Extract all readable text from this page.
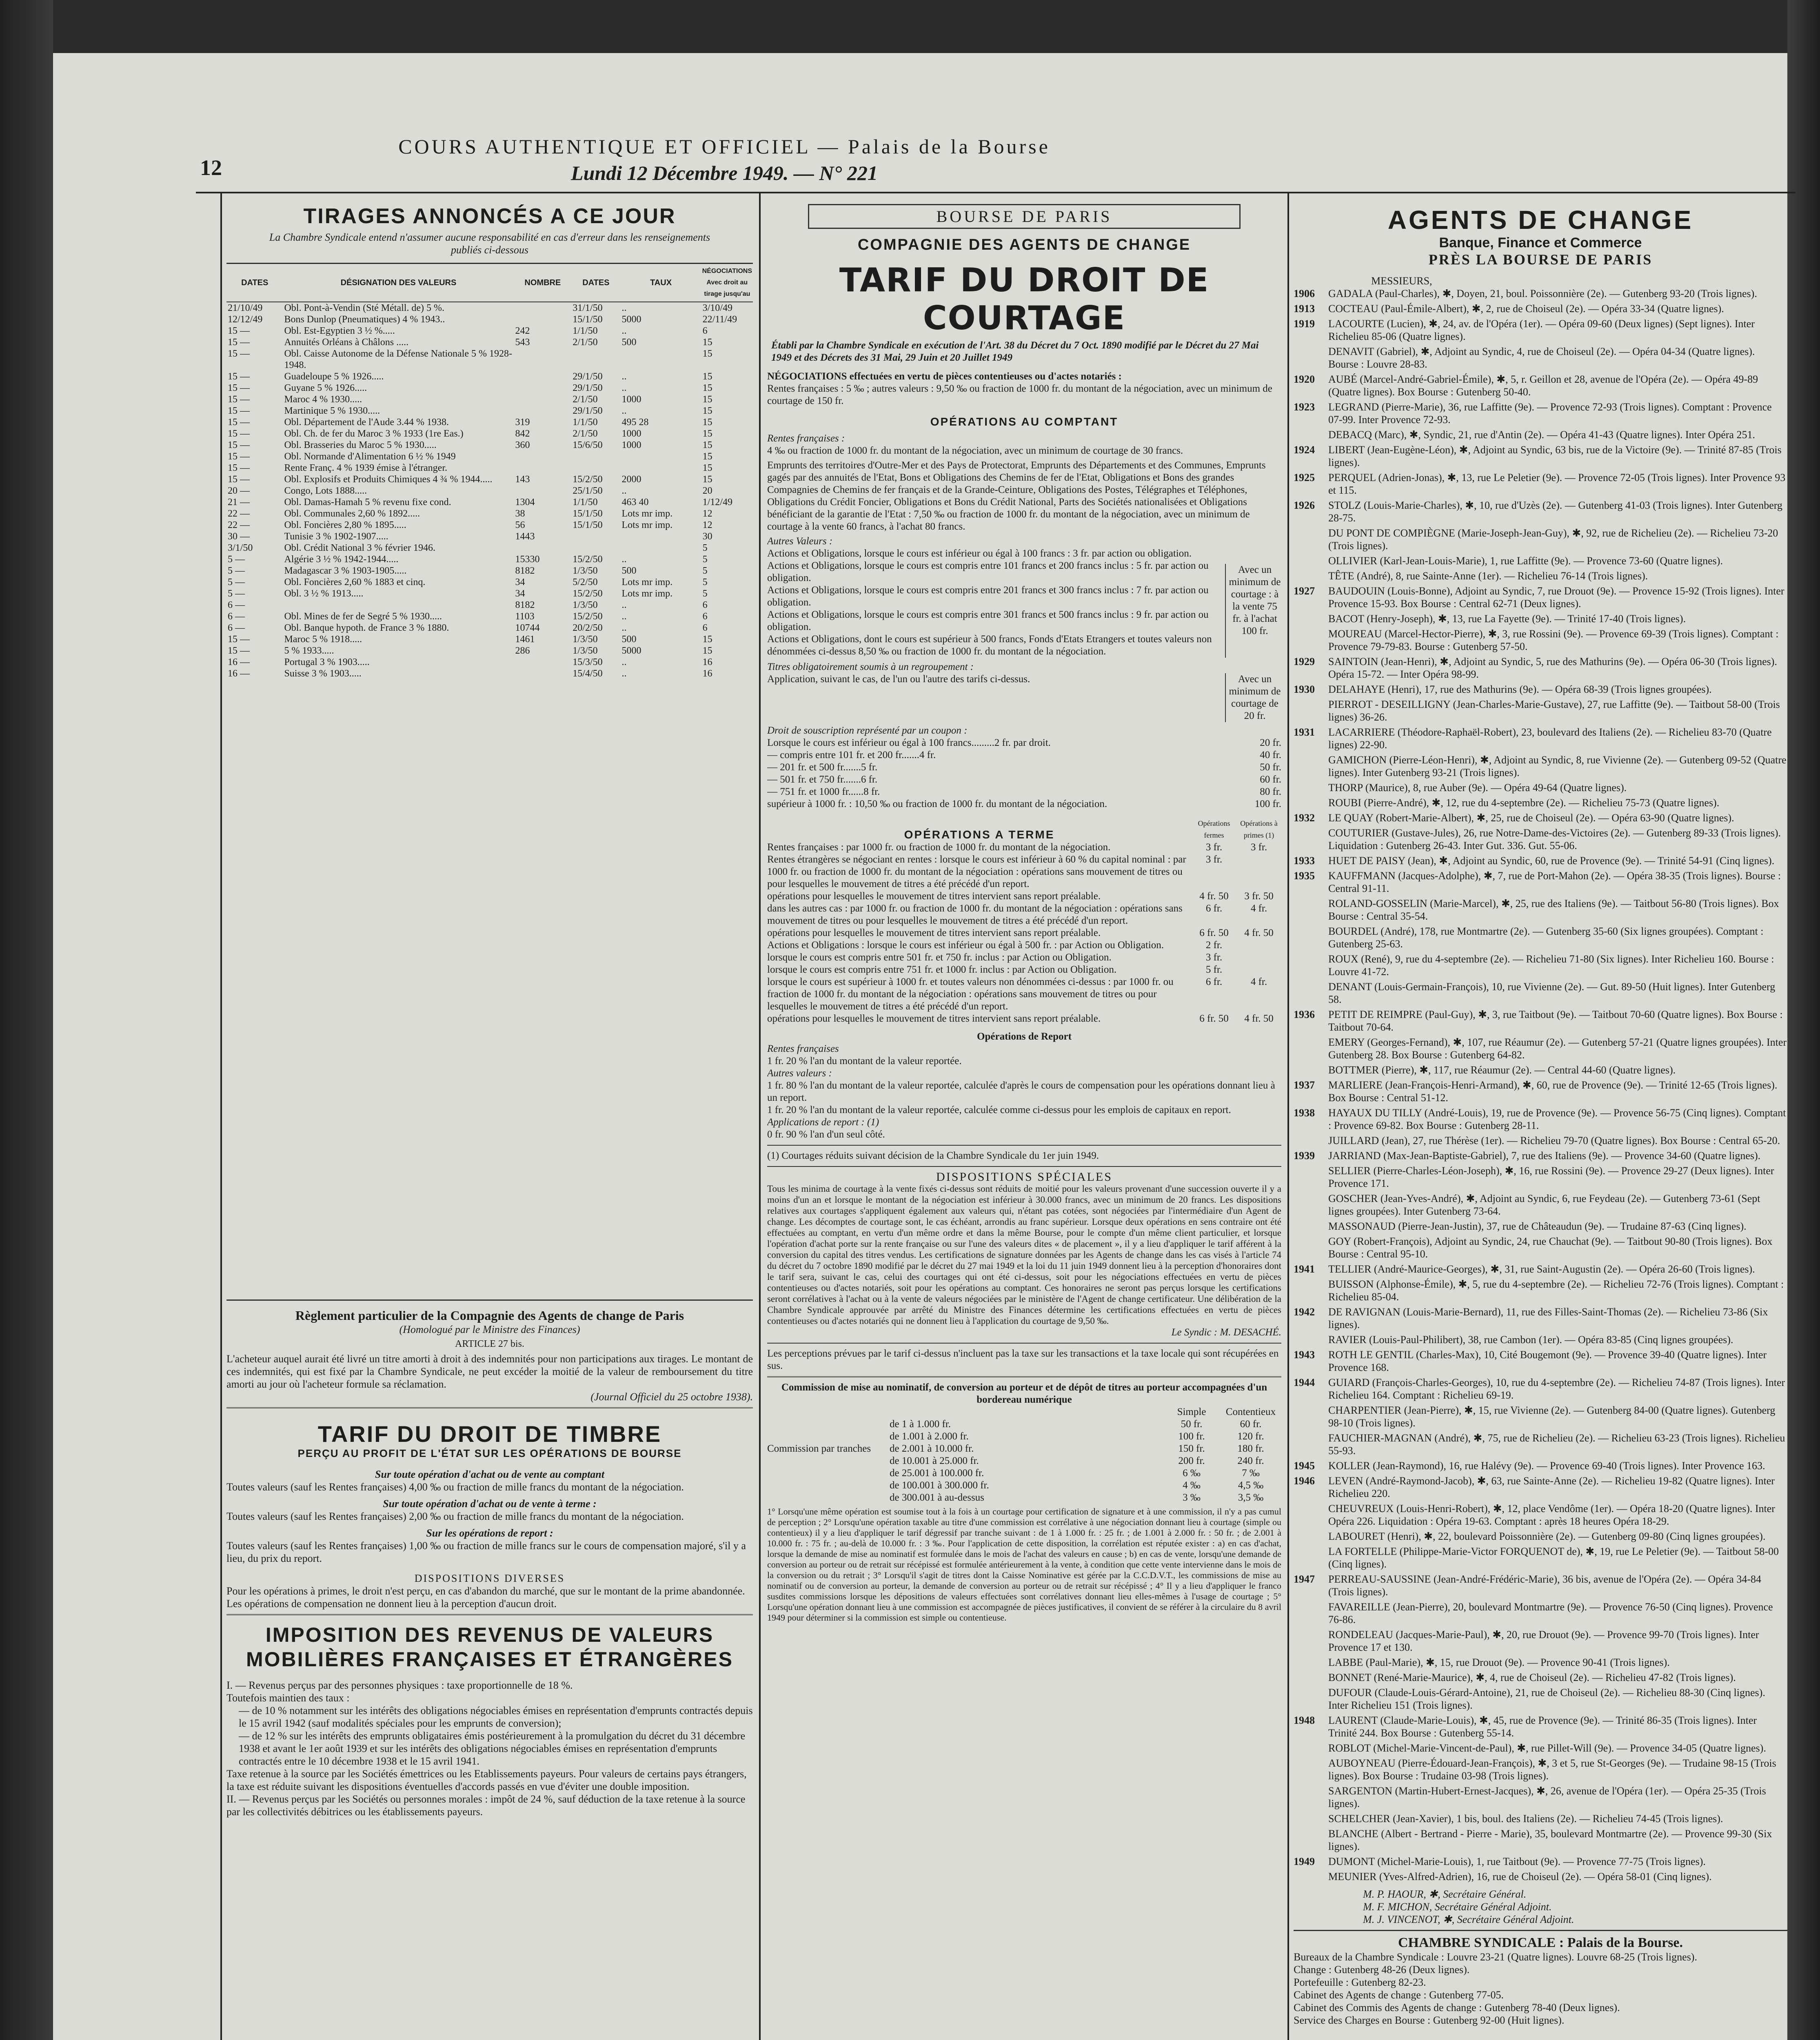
12
COURS AUTHENTIQUE ET OFFICIEL — Palais de la Bourse
Lundi 12 Décembre 1949. — N° 221
TIRAGES ANNONCÉS A CE JOUR
La Chambre Syndicale entend n'assumer aucune responsabilité en cas d'erreur dans les renseignements publiés ci-dessous
DATES	DÉSIGNATION DES VALEURS	NOMBRE	DATES	TAUX	NÉGOCIATIONS Avec droit au tirage jusqu'au
21/10/49	Obl. Pont-à-Vendin (Sté Métall. de) 5 %.		31/1/50	..	3/10/49
12/12/49	Bons Dunlop (Pneumatiques) 4 % 1943..		15/1/50	5000	22/11/49
15 —	Obl. Est-Egyptien 3 ½ %.....	242	1/1/50	..	6
15 —	Annuités Orléans à Châlons .....	543	2/1/50	500	15
15 —	Obl. Caisse Autonome de la Défense Nationale 5 % 1928-1948.				15
15 —	Guadeloupe 5 % 1926.....		29/1/50	..	15
15 —	Guyane 5 % 1926.....		29/1/50	..	15
15 —	Maroc 4 % 1930.....		2/1/50	1000	15
15 —	Martinique 5 % 1930.....		29/1/50	..	15
15 —	Obl. Département de l'Aude 3.44 % 1938.	319	1/1/50	495 28	15
15 —	Obl. Ch. de fer du Maroc 3 % 1933 (1re Eas.)	842	2/1/50	1000	15
15 —	Obl. Brasseries du Maroc 5 % 1930.....	360	15/6/50	1000	15
15 —	Obl. Normande d'Alimentation 6 ½ % 1949				15
15 —	Rente Franç. 4 % 1939 émise à l'étranger.				15
15 —	Obl. Explosifs et Produits Chimiques 4 ¾ % 1944.....	143	15/2/50	2000	15
20 —	Congo, Lots 1888.....		25/1/50	..	20
21 —	Obl. Damas-Hamah 5 % revenu fixe cond.	1304	1/1/50	463 40	1/12/49
22 —	Obl. Communales 2,60 % 1892.....	38	15/1/50	Lots mr imp.	12
22 —	Obl. Foncières 2,80 % 1895.....	56	15/1/50	Lots mr imp.	12
30 —	Tunisie 3 % 1902-1907.....	1443			30
3/1/50	Obl. Crédit National 3 % février 1946.				5
5 —	Algérie 3 ½ % 1942-1944.....	15330	15/2/50	..	5
5 —	Madagascar 3 % 1903-1905.....	8182	1/3/50	500	5
5 —	Obl. Foncières 2,60 % 1883 et cinq.	34	5/2/50	Lots mr imp.	5
5 —	Obl. 3 ½ % 1913.....	34	15/2/50	Lots mr imp.	5
6 —		8182	1/3/50	..	6
6 —	Obl. Mines de fer de Segré 5 % 1930.....	1103	15/2/50	..	6
6 —	Obl. Banque hypoth. de France 3 % 1880.	10744	20/2/50	..	6
15 —	Maroc 5 % 1918.....	1461	1/3/50	500	15
15 —	5 % 1933.....	286	1/3/50	5000	15
16 —	Portugal 3 % 1903.....		15/3/50	..	16
16 —	Suisse 3 % 1903.....		15/4/50	..	16
Règlement particulier de la Compagnie des Agents de change de Paris
(Homologué par le Ministre des Finances)
ARTICLE 27 bis.
L'acheteur auquel aurait été livré un titre amorti à droit à des indemnités pour non participations aux tirages. Le montant de ces indemnités, qui est fixé par la Chambre Syndicale, ne peut excéder la moitié de la valeur de remboursement du titre amorti au jour où l'acheteur formule sa réclamation.
(Journal Officiel du 25 octobre 1938).
TARIF DU DROIT DE TIMBRE
PERÇU AU PROFIT DE L'ÉTAT SUR LES OPÉRATIONS DE BOURSE
Sur toute opération d'achat ou de vente au comptant
Toutes valeurs (sauf les Rentes françaises) 4,00 ‰ ou fraction de mille francs du montant de la négociation.
Sur toute opération d'achat ou de vente à terme :
Toutes valeurs (sauf les Rentes françaises) 2,00 ‰ ou fraction de mille francs du montant de la négociation.
Sur les opérations de report :
Toutes valeurs (sauf les Rentes françaises) 1,00 ‰ ou fraction de mille francs sur le cours de compensation majoré, s'il y a lieu, du prix du report.
DISPOSITIONS DIVERSES
Pour les opérations à primes, le droit n'est perçu, en cas d'abandon du marché, que sur le montant de la prime abandonnée.
Les opérations de compensation ne donnent lieu à la perception d'aucun droit.
IMPOSITION DES REVENUS DE VALEURS MOBILIÈRES FRANÇAISES ET ÉTRANGÈRES
I. — Revenus perçus par des personnes physiques : taxe proportionnelle de 18 %.
Toutefois maintien des taux :
— de 10 % notamment sur les intérêts des obligations négociables émises en représentation d'emprunts contractés depuis le 15 avril 1942 (sauf modalités spéciales pour les emprunts de conversion);
— de 12 % sur les intérêts des emprunts obligataires émis postérieurement à la promulgation du décret du 31 décembre 1938 et avant le 1er août 1939 et sur les intérêts des obligations négociables émises en représentation d'emprunts contractés entre le 10 décembre 1938 et le 15 avril 1941.
Taxe retenue à la source par les Sociétés émettrices ou les Etablissements payeurs. Pour valeurs de certains pays étrangers, la taxe est réduite suivant les dispositions éventuelles d'accords passés en vue d'éviter une double imposition.
II. — Revenus perçus par les Sociétés ou personnes morales : impôt de 24 %, sauf déduction de la taxe retenue à la source par les collectivités débitrices ou les établissements payeurs.
BOURSE DE PARIS
COMPAGNIE DES AGENTS DE CHANGE
TARIF DU DROIT DE COURTAGE
Établi par la Chambre Syndicale en exécution de l'Art. 38 du Décret du 7 Oct. 1890 modifié par le Décret du 27 Mai 1949 et des Décrets des 31 Mai, 29 Juin et 20 Juillet 1949
NÉGOCIATIONS effectuées en vertu de pièces contentieuses ou d'actes notariés :
Rentes françaises : 5 ‰ ; autres valeurs : 9,50 ‰ ou fraction de 1000 fr. du montant de la négociation, avec un minimum de courtage de 150 fr.
OPÉRATIONS AU COMPTANT
Rentes françaises :
4 ‰ ou fraction de 1000 fr. du montant de la négociation, avec un minimum de courtage de 30 francs.
Emprunts des territoires d'Outre-Mer et des Pays de Protectorat, Emprunts des Départements et des Communes, Emprunts gagés par des annuités de l'Etat, Bons et Obligations des Chemins de fer de l'Etat, Obligations et Bons des grandes Compagnies de Chemins de fer français et de la Grande-Ceinture, Obligations des Postes, Télégraphes et Téléphones, Obligations du Crédit Foncier, Obligations et Bons du Crédit National, Parts des Sociétés nationalisées et Obligations bénéficiant de la garantie de l'Etat : 7,50 ‰ ou fraction de 1000 fr. du montant de la négociation, avec un minimum de courtage à la vente 60 francs, à l'achat 80 francs.
Autres Valeurs :
Actions et Obligations, lorsque le cours est inférieur ou égal à 100 francs : 3 fr. par action ou obligation.
Actions et Obligations, lorsque le cours est compris entre 101 francs et 200 francs inclus : 5 fr. par action ou obligation.
Actions et Obligations, lorsque le cours est compris entre 201 francs et 300 francs inclus : 7 fr. par action ou obligation.
Actions et Obligations, lorsque le cours est compris entre 301 francs et 500 francs inclus : 9 fr. par action ou obligation.
Actions et Obligations, dont le cours est supérieur à 500 francs, Fonds d'Etats Etrangers et toutes valeurs non dénommées ci-dessus 8,50 ‰ ou fraction de 1000 fr. du montant de la négociation.
Avec un minimum de courtage : à la vente 75 fr. à l'achat 100 fr.
Titres obligatoirement soumis à un regroupement :
Application, suivant le cas, de l'un ou l'autre des tarifs ci-dessus.	Avec un minimum de courtage de 20 fr.
Droit de souscription représenté par un coupon :
Lorsque le cours est inférieur ou égal à 100 francs.........2 fr. par droit.
— compris entre 101 fr. et 200 fr.......4 fr.
— 201 fr. et 500 fr.......5 fr.
— 501 fr. et 750 fr.......6 fr.
— 751 fr. et 1000 fr......8 fr.
supérieur à 1000 fr. : 10,50 ‰ ou fraction de 1000 fr. du montant de la négociation.
20 fr.
40 fr.
50 fr.
60 fr.
80 fr.
100 fr.
OPÉRATIONS A TERME
Opérations fermes
Opérations à primes (1)
Rentes françaises : par 1000 fr. ou fraction de 1000 fr. du montant de la négociation.	3 fr.	3 fr.
Rentes étrangères se négociant en rentes : lorsque le cours est inférieur à 60 % du capital nominal : par 1000 fr. ou fraction de 1000 fr. du montant de la négociation : opérations sans mouvement de titres ou pour lesquelles le mouvement de titres a été précédé d'un report.
3 fr.
opérations pour lesquelles le mouvement de titres intervient sans report préalable.	4 fr. 50	3 fr. 50
dans les autres cas : par 1000 fr. ou fraction de 1000 fr. du montant de la négociation : opérations sans mouvement de titres ou pour lesquelles le mouvement de titres a été précédé d'un report.
6 fr.	4 fr.
opérations pour lesquelles le mouvement de titres intervient sans report préalable.	6 fr. 50	4 fr. 50
Actions et Obligations : lorsque le cours est inférieur ou égal à 500 fr. : par Action ou Obligation.	2 fr.
lorsque le cours est compris entre 501 fr. et 750 fr. inclus : par Action ou Obligation.	3 fr.
lorsque le cours est compris entre 751 fr. et 1000 fr. inclus : par Action ou Obligation.	5 fr.
lorsque le cours est supérieur à 1000 fr. et toutes valeurs non dénommées ci-dessus : par 1000 fr. ou fraction de 1000 fr. du montant de la négociation : opérations sans mouvement de titres ou pour lesquelles le mouvement de titres a été précédé d'un report.
6 fr.	4 fr.
opérations pour lesquelles le mouvement de titres intervient sans report préalable.	6 fr. 50	4 fr. 50
Opérations de Report
Rentes françaises
1 fr. 20 % l'an du montant de la valeur reportée.
Autres valeurs :
1 fr. 80 % l'an du montant de la valeur reportée, calculée d'après le cours de compensation pour les opérations donnant lieu à un report.
1 fr. 20 % l'an du montant de la valeur reportée, calculée comme ci-dessus pour les emplois de capitaux en report.
Applications de report : (1)
0 fr. 90 % l'an d'un seul côté.
(1) Courtages réduits suivant décision de la Chambre Syndicale du 1er juin 1949.
DISPOSITIONS SPÉCIALES
Tous les minima de courtage à la vente fixés ci-dessus sont réduits de moitié pour les valeurs provenant d'une succession ouverte il y a moins d'un an et lorsque le montant de la négociation est inférieur à 30.000 francs, avec un minimum de 20 francs. Les dispositions relatives aux courtages s'appliquent également aux valeurs qui, n'étant pas cotées, sont négociées par l'intermédiaire d'un Agent de change. Les décomptes de courtage sont, le cas échéant, arrondis au franc supérieur. Lorsque deux opérations en sens contraire ont été effectuées au comptant, en vertu d'un même ordre et dans la même Bourse, pour le compte d'un même client particulier, et lorsque l'opération d'achat porte sur la rente française ou sur l'une des valeurs dites « de placement », il y a lieu d'appliquer le tarif afférent à la conversion du capital des titres vendus. Les certifications de signature données par les Agents de change dans les cas visés à l'article 74 du décret du 7 octobre 1890 modifié par le décret du 27 mai 1949 et la loi du 11 juin 1949 donnent lieu à la perception d'honoraires dont le tarif sera, suivant le cas, celui des courtages qui ont été ci-dessus, soit pour les négociations effectuées en vertu de pièces contentieuses ou d'actes notariés, soit pour les opérations au comptant. Ces honoraires ne seront pas perçus lorsque les certifications seront corrélatives à l'achat ou à la vente de valeurs négociées par le ministère de l'Agent de change certificateur. Une délibération de la Chambre Syndicale approuvée par arrêté du Ministre des Finances détermine les certifications effectuées en vertu de pièces contentieuses ou d'actes notariés qui ne donnent lieu à l'application du courtage de 9,50 ‰.
Le Syndic : M. DESACHÉ.
Les perceptions prévues par le tarif ci-dessus n'incluent pas la taxe sur les transactions et la taxe locale qui sont récupérées en sus.
Commission de mise au nominatif, de conversion au porteur et de dépôt de titres au porteur accompagnées d'un bordereau numérique
Commission par tranches
Simple	Contentieux
de 1 à 1.000 fr.	50 fr.	60 fr.
de 1.001 à 2.000 fr.	100 fr.	120 fr.
de 2.001 à 10.000 fr.	150 fr.	180 fr.
de 10.001 à 25.000 fr.	200 fr.	240 fr.
de 25.001 à 100.000 fr.	6 ‰	7 ‰
de 100.001 à 300.000 fr.	4 ‰	4,5 ‰
de 300.001 à au-dessus	3 ‰	3,5 ‰
1° Lorsqu'une même opération est soumise tout à la fois à un courtage pour certification de signature et à une commission, il n'y a pas cumul de perception ; 2° Lorsqu'une opération taxable au titre d'une commission est corrélative à une négociation donnant lieu à courtage (simple ou contentieux) il y a lieu d'appliquer le tarif dégressif par tranche suivant : de 1 à 1.000 fr. : 25 fr. ; de 1.001 à 2.000 fr. : 50 fr. ; de 2.001 à 10.000 fr. : 75 fr. ; au-delà de 10.000 fr. : 3 ‰. Pour l'application de cette disposition, la corrélation est réputée exister : a) en cas d'achat, lorsque la demande de mise au nominatif est formulée dans le mois de l'achat des valeurs en cause ; b) en cas de vente, lorsqu'une demande de conversion au porteur ou de retrait sur récépissé est formulée antérieurement à la vente, à condition que cette vente intervienne dans le mois de la conversion ou du retrait ; 3° Lorsqu'il s'agit de titres dont la Caisse Nominative est gérée par la C.C.D.V.T., les commissions de mise au nominatif ou de conversion au porteur, la demande de conversion au porteur ou de retrait sur récépissé ; 4° Il y a lieu d'appliquer le franco susdites commissions lorsque les dépositions de valeurs effectuées sont corrélatives donnant lieu elles-mêmes à l'usage de courtage ; 5° Lorsqu'une opération donnant lieu à une commission est accompagnée de pièces justificatives, il convient de se référer à la circulaire du 8 avril 1949 pour déterminer si la commission est simple ou contentieuse.
AGENTS DE CHANGE
Banque, Finance et Commerce
PRÈS LA BOURSE DE PARIS
MESSIEURS,
1906	GADALA (Paul-Charles), ✱, Doyen, 21, boul. Poissonnière (2e). — Gutenberg 93-20 (Trois lignes).
1913	COCTEAU (Paul-Émile-Albert), ✱, 2, rue de Choiseul (2e). — Opéra 33-34 (Quatre lignes).
1919	LACOURTE (Lucien), ✱, 24, av. de l'Opéra (1er). — Opéra 09-60 (Deux lignes) (Sept lignes). Inter Richelieu 85-06 (Quatre lignes).
DENAVIT (Gabriel), ✱, Adjoint au Syndic, 4, rue de Choiseul (2e). — Opéra 04-34 (Quatre lignes). Bourse : Louvre 28-83.
1920	AUBÉ (Marcel-André-Gabriel-Émile), ✱, 5, r. Geillon et 28, avenue de l'Opéra (2e). — Opéra 49-89 (Quatre lignes). Box Bourse : Gutenberg 50-40.
1923	LEGRAND (Pierre-Marie), 36, rue Laffitte (9e). — Provence 72-93 (Trois lignes). Comptant : Provence 07-99. Inter Provence 72-93.
DEBACQ (Marc), ✱, Syndic, 21, rue d'Antin (2e). — Opéra 41-43 (Quatre lignes). Inter Opéra 251.
1924	LIBERT (Jean-Eugène-Léon), ✱, Adjoint au Syndic, 63 bis, rue de la Victoire (9e). — Trinité 87-85 (Trois lignes).
1925	PERQUEL (Adrien-Jonas), ✱, 13, rue Le Peletier (9e). — Provence 72-05 (Trois lignes). Inter Provence 93 et 115.
1926	STOLZ (Louis-Marie-Charles), ✱, 10, rue d'Uzès (2e). — Gutenberg 41-03 (Trois lignes). Inter Gutenberg 28-75.
DU PONT DE COMPIÈGNE (Marie-Joseph-Jean-Guy), ✱, 92, rue de Richelieu (2e). — Richelieu 73-20 (Trois lignes).
OLLIVIER (Karl-Jean-Louis-Marie), 1, rue Laffitte (9e). — Provence 73-60 (Quatre lignes).
TÊTE (André), 8, rue Sainte-Anne (1er). — Richelieu 76-14 (Trois lignes).
1927	BAUDOUIN (Louis-Bonne), Adjoint au Syndic, 7, rue Drouot (9e). — Provence 15-92 (Trois lignes). Inter Provence 15-93. Box Bourse : Central 62-71 (Deux lignes).
BACOT (Henry-Joseph), ✱, 13, rue La Fayette (9e). — Trinité 17-40 (Trois lignes).
MOUREAU (Marcel-Hector-Pierre), ✱, 3, rue Rossini (9e). — Provence 69-39 (Trois lignes). Comptant : Provence 79-79-83. Bourse : Gutenberg 57-50.
1929	SAINTOIN (Jean-Henri), ✱, Adjoint au Syndic, 5, rue des Mathurins (9e). — Opéra 06-30 (Trois lignes). Opéra 15-72. — Inter Opéra 98-99.
1930	DELAHAYE (Henri), 17, rue des Mathurins (9e). — Opéra 68-39 (Trois lignes groupées).
PIERROT - DESEILLIGNY (Jean-Charles-Marie-Gustave), 27, rue Laffitte (9e). — Taitbout 58-00 (Trois lignes) 36-26.
1931	LACARRIERE (Théodore-Raphaël-Robert), 23, boulevard des Italiens (2e). — Richelieu 83-70 (Quatre lignes) 22-90.
GAMICHON (Pierre-Léon-Henri), ✱, Adjoint au Syndic, 8, rue Vivienne (2e). — Gutenberg 09-52 (Quatre lignes). Inter Gutenberg 93-21 (Trois lignes).
THORP (Maurice), 8, rue Auber (9e). — Opéra 49-64 (Quatre lignes).
ROUBI (Pierre-André), ✱, 12, rue du 4-septembre (2e). — Richelieu 75-73 (Quatre lignes).
1932	LE QUAY (Robert-Marie-Albert), ✱, 25, rue de Choiseul (2e). — Opéra 63-90 (Quatre lignes).
COUTURIER (Gustave-Jules), 26, rue Notre-Dame-des-Victoires (2e). — Gutenberg 89-33 (Trois lignes). Liquidation : Gutenberg 26-43. Inter Gut. 336. Gut. 55-06.
1933	HUET DE PAISY (Jean), ✱, Adjoint au Syndic, 60, rue de Provence (9e). — Trinité 54-91 (Cinq lignes).
1935	KAUFFMANN (Jacques-Adolphe), ✱, 7, rue de Port-Mahon (2e). — Opéra 38-35 (Trois lignes). Bourse : Central 91-11.
ROLAND-GOSSELIN (Marie-Marcel), ✱, 25, rue des Italiens (9e). — Taitbout 56-80 (Trois lignes). Box Bourse : Central 35-54.
BOURDEL (André), 178, rue Montmartre (2e). — Gutenberg 35-60 (Six lignes groupées). Comptant : Gutenberg 25-63.
ROUX (René), 9, rue du 4-septembre (2e). — Richelieu 71-80 (Six lignes). Inter Richelieu 160. Bourse : Louvre 41-72.
DENANT (Louis-Germain-François), 10, rue Vivienne (2e). — Gut. 89-50 (Huit lignes). Inter Gutenberg 58.
1936	PETIT DE REIMPRE (Paul-Guy), ✱, 3, rue Taitbout (9e). — Taitbout 70-60 (Quatre lignes). Box Bourse : Taitbout 70-64.
EMERY (Georges-Fernand), ✱, 107, rue Réaumur (2e). — Gutenberg 57-21 (Quatre lignes groupées). Inter Gutenberg 28. Box Bourse : Gutenberg 64-82.
BOTTMER (Pierre), ✱, 117, rue Réaumur (2e). — Central 44-60 (Quatre lignes).
1937	MARLIERE (Jean-François-Henri-Armand), ✱, 60, rue de Provence (9e). — Trinité 12-65 (Trois lignes). Box Bourse : Central 51-12.
1938	HAYAUX DU TILLY (André-Louis), 19, rue de Provence (9e). — Provence 56-75 (Cinq lignes). Comptant : Provence 69-82. Box Bourse : Gutenberg 28-11.
JUILLARD (Jean), 27, rue Thérèse (1er). — Richelieu 79-70 (Quatre lignes). Box Bourse : Central 65-20.
1939	JARRIAND (Max-Jean-Baptiste-Gabriel), 7, rue des Italiens (9e). — Provence 34-60 (Quatre lignes).
SELLIER (Pierre-Charles-Léon-Joseph), ✱, 16, rue Rossini (9e). — Provence 29-27 (Deux lignes). Inter Provence 171.
GOSCHER (Jean-Yves-André), ✱, Adjoint au Syndic, 6, rue Feydeau (2e). — Gutenberg 73-61 (Sept lignes groupées). Inter Gutenberg 73-64.
MASSONAUD (Pierre-Jean-Justin), 37, rue de Châteaudun (9e). — Trudaine 87-63 (Cinq lignes).
GOY (Robert-François), Adjoint au Syndic, 24, rue Chauchat (9e). — Taitbout 90-80 (Trois lignes). Box Bourse : Central 95-10.
1941	TELLIER (André-Maurice-Georges), ✱, 31, rue Saint-Augustin (2e). — Opéra 26-60 (Trois lignes).
BUISSON (Alphonse-Émile), ✱, 5, rue du 4-septembre (2e). — Richelieu 72-76 (Trois lignes). Comptant : Richelieu 85-04.
1942	DE RAVIGNAN (Louis-Marie-Bernard), 11, rue des Filles-Saint-Thomas (2e). — Richelieu 73-86 (Six lignes).
RAVIER (Louis-Paul-Philibert), 38, rue Cambon (1er). — Opéra 83-85 (Cinq lignes groupées).
1943	ROTH LE GENTIL (Charles-Max), 10, Cité Bougemont (9e). — Provence 39-40 (Quatre lignes). Inter Provence 168.
1944	GUIARD (François-Charles-Georges), 10, rue du 4-septembre (2e). — Richelieu 74-87 (Trois lignes). Inter Richelieu 164. Comptant : Richelieu 69-19.
CHARPENTIER (Jean-Pierre), ✱, 15, rue Vivienne (2e). — Gutenberg 84-00 (Quatre lignes). Gutenberg 98-10 (Trois lignes).
FAUCHIER-MAGNAN (André), ✱, 75, rue de Richelieu (2e). — Richelieu 63-23 (Trois lignes). Richelieu 55-93.
1945	KOLLER (Jean-Raymond), 16, rue Halévy (9e). — Provence 69-40 (Trois lignes). Inter Provence 163.
1946	LEVEN (André-Raymond-Jacob), ✱, 63, rue Sainte-Anne (2e). — Richelieu 19-82 (Quatre lignes). Inter Richelieu 220.
CHEUVREUX (Louis-Henri-Robert), ✱, 12, place Vendôme (1er). — Opéra 18-20 (Quatre lignes). Inter Opéra 226. Liquidation : Opéra 19-63. Comptant : après 18 heures Opéra 18-29.
LABOURET (Henri), ✱, 22, boulevard Poissonnière (2e). — Gutenberg 09-80 (Cinq lignes groupées).
LA FORTELLE (Philippe-Marie-Victor FORQUENOT de), ✱, 19, rue Le Peletier (9e). — Taitbout 58-00 (Cinq lignes).
1947	PERREAU-SAUSSINE (Jean-André-Frédéric-Marie), 36 bis, avenue de l'Opéra (2e). — Opéra 34-84 (Trois lignes).
FAVAREILLE (Jean-Pierre), 20, boulevard Montmartre (9e). — Provence 76-50 (Cinq lignes). Provence 76-86.
RONDELEAU (Jacques-Marie-Paul), ✱, 20, rue Drouot (9e). — Provence 99-70 (Trois lignes). Inter Provence 17 et 130.
LABBE (Paul-Marie), ✱, 15, rue Drouot (9e). — Provence 90-41 (Trois lignes).
BONNET (René-Marie-Maurice), ✱, 4, rue de Choiseul (2e). — Richelieu 47-82 (Trois lignes).
DUFOUR (Claude-Louis-Gérard-Antoine), 21, rue de Choiseul (2e). — Richelieu 88-30 (Cinq lignes). Inter Richelieu 151 (Trois lignes).
1948	LAURENT (Claude-Marie-Louis), ✱, 45, rue de Provence (9e). — Trinité 86-35 (Trois lignes). Inter Trinité 244. Box Bourse : Gutenberg 55-14.
ROBLOT (Michel-Marie-Vincent-de-Paul), ✱, rue Pillet-Will (9e). — Provence 34-05 (Quatre lignes).
AUBOYNEAU (Pierre-Édouard-Jean-François), ✱, 3 et 5, rue St-Georges (9e). — Trudaine 98-15 (Trois lignes). Box Bourse : Trudaine 03-98 (Trois lignes).
SARGENTON (Martin-Hubert-Ernest-Jacques), ✱, 26, avenue de l'Opéra (1er). — Opéra 25-35 (Trois lignes).
SCHELCHER (Jean-Xavier), 1 bis, boul. des Italiens (2e). — Richelieu 74-45 (Trois lignes).
BLANCHE (Albert - Bertrand - Pierre - Marie), 35, boulevard Montmartre (2e). — Provence 99-30 (Six lignes).
1949	DUMONT (Michel-Marie-Louis), 1, rue Taitbout (9e). — Provence 77-75 (Trois lignes).
MEUNIER (Yves-Alfred-Adrien), 16, rue de Choiseul (2e). — Opéra 58-01 (Cinq lignes).
M. P. HAOUR, ✱, Secrétaire Général.
M. F. MICHON, Secrétaire Général Adjoint.
M. J. VINCENOT, ✱, Secrétaire Général Adjoint.
CHAMBRE SYNDICALE : Palais de la Bourse.
Bureaux de la Chambre Syndicale : Louvre 23-21 (Quatre lignes). Louvre 68-25 (Trois lignes).
Change : Gutenberg 48-26 (Deux lignes).
Portefeuille : Gutenberg 82-23.
Cabinet des Agents de change : Gutenberg 77-05.
Cabinet des Commis des Agents de change : Gutenberg 78-40 (Deux lignes).
Service des Charges en Bourse : Gutenberg 92-00 (Huit lignes).
